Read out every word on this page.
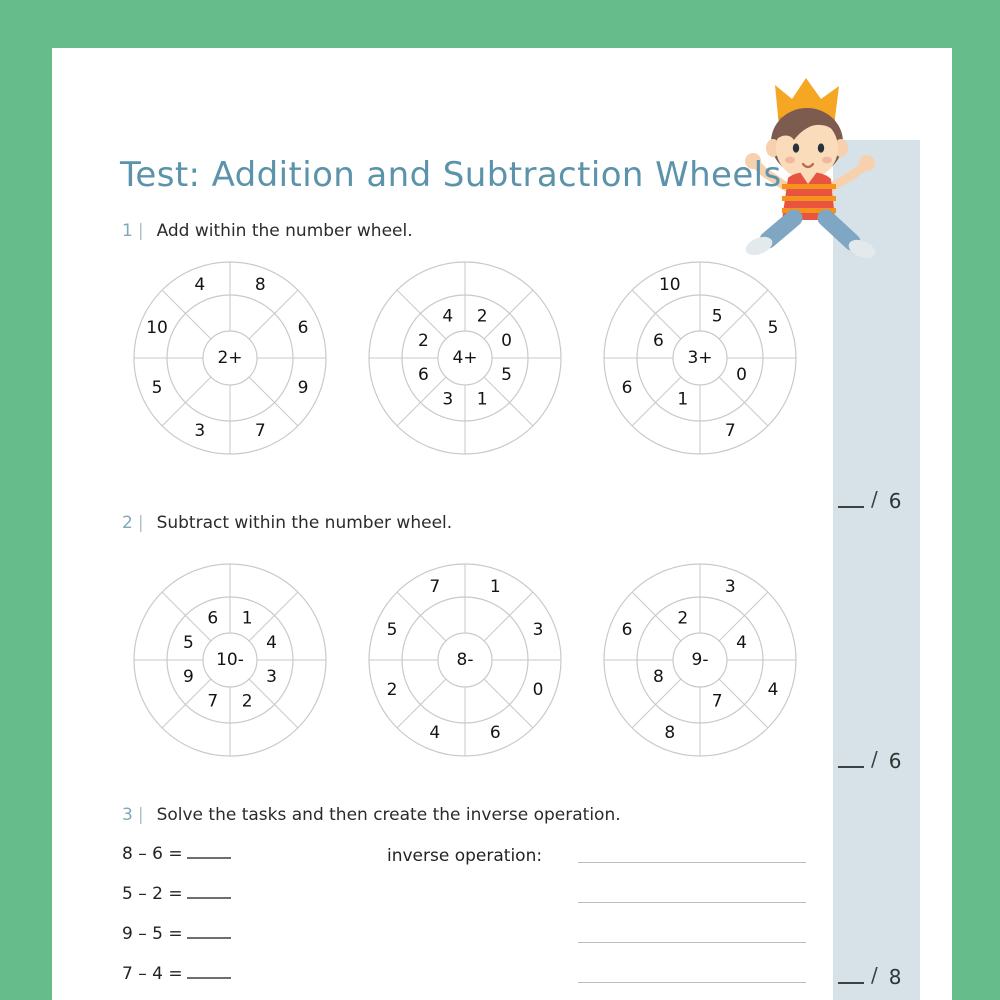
/ 6
/ 6
/ 8
Test: Addition and Subtraction Wheels
1 | Add within the number wheel.
2 | Subtract within the number wheel.
3 | Solve the tasks and then create the inverse operation.
8
6
9
7
3
5
10
4
2+
2
0
5
1
3
6
2
4
4+
5
5
0
7
1
6
6
10
3+
1
4
3
2
7
9
5
6
10-
1
3
0
6
4
2
5
7
8-
3
4
4
7
8
8
6
2
9-
8 – 6 =
5 – 2 =
9 – 5 =
7 – 4 =
inverse operation:
